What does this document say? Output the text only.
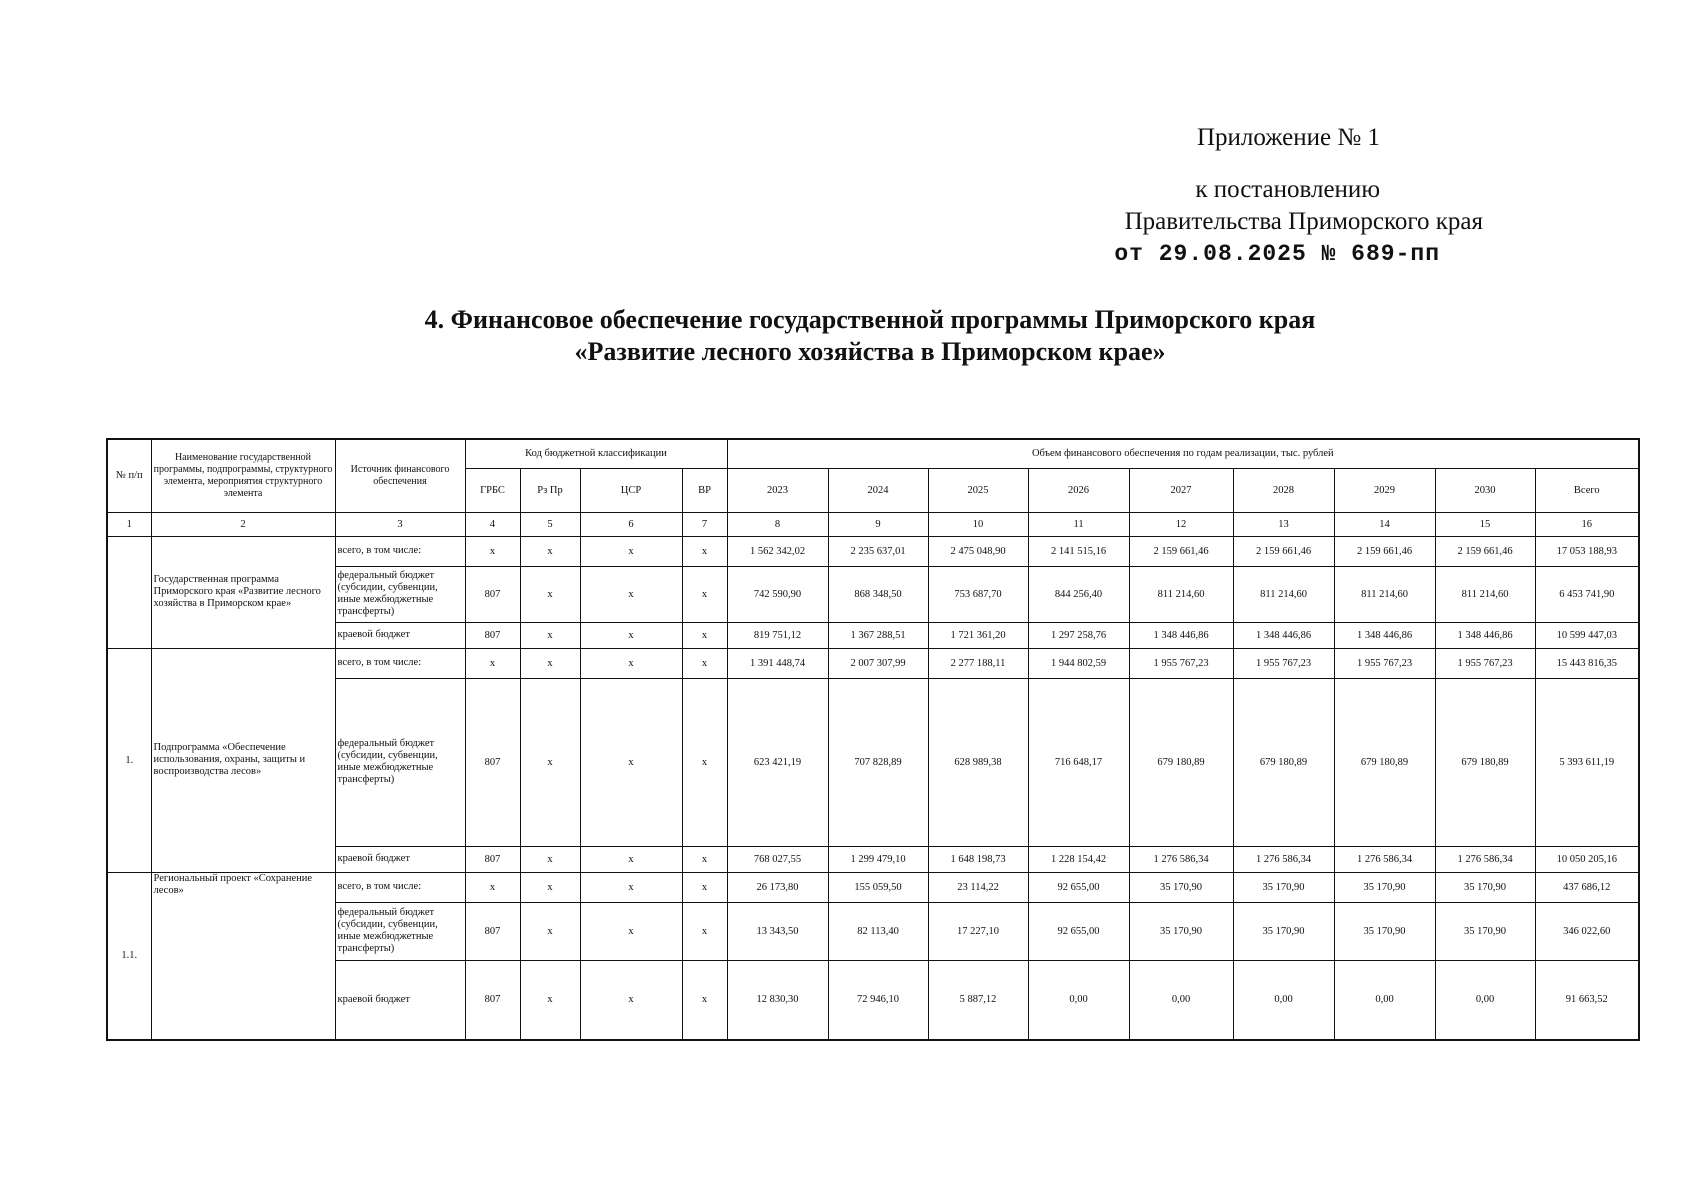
Приложение № 1
к постановлению
Правительства Приморского края
от 29.08.2025 № 689-пп
4. Финансовое обеспечение государственной программы Приморского края
«Развитие лесного хозяйства в Приморском крае»
№ п/п	Наименование государственной программы, подпрограммы, структурного элемента, мероприятия структурного элемента	Источник финансового обеспечения	Код бюджетной классификации				Объем финансового обеспечения по годам реализации, тыс. рублей								
			ГРБС	Рз Пр	ЦСР	ВР	2023	2024	2025	2026	2027	2028	2029	2030	Всего
1	2	3	4	5	6	7	8	9	10	11	12	13	14	15	16
	Государственная программа Приморского края «Развитие лесного хозяйства в Приморском крае»	всего, в том числе:	x	x	x	x	1 562 342,02	2 235 637,01	2 475 048,90	2 141 515,16	2 159 661,46	2 159 661,46	2 159 661,46	2 159 661,46	17 053 188,93
		федеральный бюджет (субсидии, субвенции, иные межбюджетные трансферты)	807	x	x	x	742 590,90	868 348,50	753 687,70	844 256,40	811 214,60	811 214,60	811 214,60	811 214,60	6 453 741,90
		краевой бюджет	807	x	x	x	819 751,12	1 367 288,51	1 721 361,20	1 297 258,76	1 348 446,86	1 348 446,86	1 348 446,86	1 348 446,86	10 599 447,03
1.	Подпрограмма «Обеспечение использования, охраны, защиты и воспроизводства лесов»	всего, в том числе:	x	x	x	x	1 391 448,74	2 007 307,99	2 277 188,11	1 944 802,59	1 955 767,23	1 955 767,23	1 955 767,23	1 955 767,23	15 443 816,35
		федеральный бюджет (субсидии, субвенции, иные межбюджетные трансферты)	807	x	x	x	623 421,19	707 828,89	628 989,38	716 648,17	679 180,89	679 180,89	679 180,89	679 180,89	5 393 611,19
		краевой бюджет	807	x	x	x	768 027,55	1 299 479,10	1 648 198,73	1 228 154,42	1 276 586,34	1 276 586,34	1 276 586,34	1 276 586,34	10 050 205,16
1.1.	Региональный проект «Сохранение лесов»	всего, в том числе:	x	x	x	x	26 173,80	155 059,50	23 114,22	92 655,00	35 170,90	35 170,90	35 170,90	35 170,90	437 686,12
		федеральный бюджет (субсидии, субвенции, иные межбюджетные трансферты)	807	x	x	x	13 343,50	82 113,40	17 227,10	92 655,00	35 170,90	35 170,90	35 170,90	35 170,90	346 022,60
		краевой бюджет	807	x	x	x	12 830,30	72 946,10	5 887,12	0,00	0,00	0,00	0,00	0,00	91 663,52
